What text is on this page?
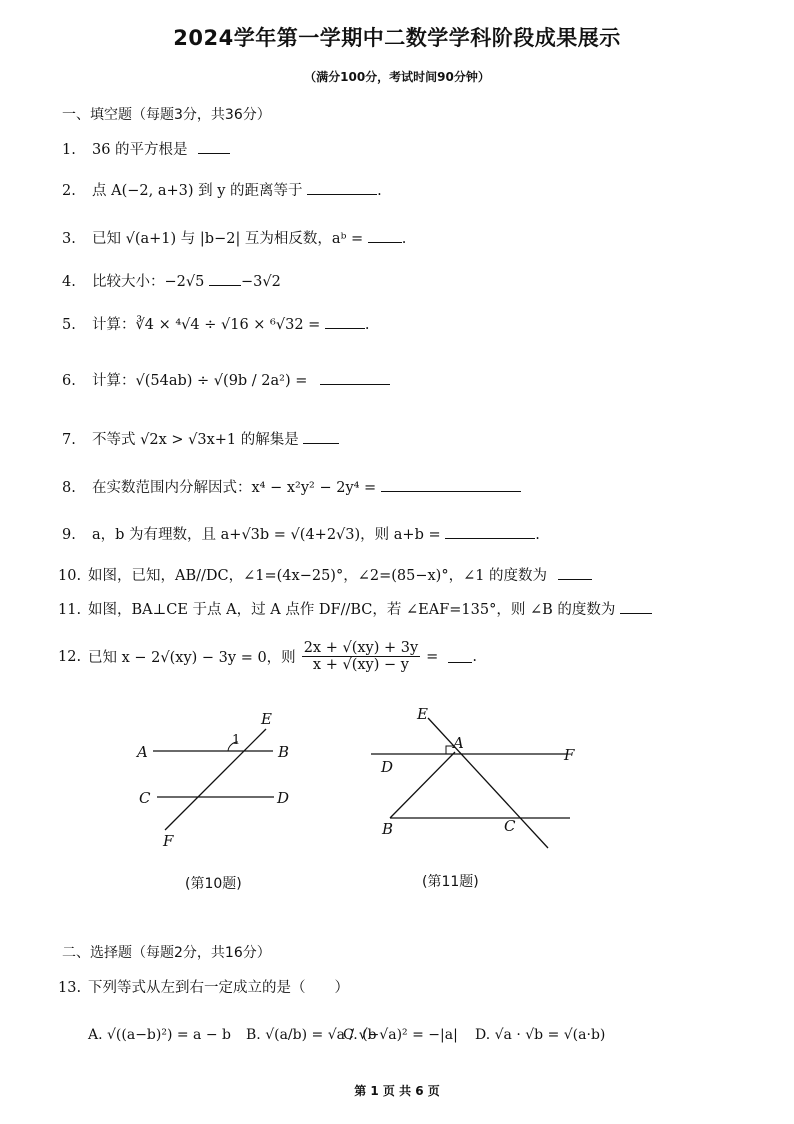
2024学年第一学期中二数学学科阶段成果展示
（满分100分，考试时间90分钟）
一、填空题（每题3分，共36分）
1. 36 的平方根是
2. 点 A(−2, a+3) 到 y 的距离等于	.
3. 已知 √(a+1) 与 |b−2| 互为相反数，aᵇ =	.
4. 比较大小：−2√5	−3√2
5. 计算：∛4 × ⁴√4 ÷ √16 × ⁶√32 =	.
6. 计算：√(54ab) ÷ √(9b / 2a²) =
7. 不等式 √2x > √3x+1 的解集是
8. 在实数范围内分解因式：x⁴ − x²y² − 2y⁴ =
9. a，b 为有理数，且 a+√3b = √(4+2√3)，则 a+b =	.
10. 如图，已知，AB//DC，∠1=(4x−25)°，∠2=(85−x)°，∠1 的度数为
11. 如图，BA⊥CE 于点 A，过 A 点作 DF//BC，若 ∠EAF=135°，则 ∠B 的度数为
12. 已知 x − 2√(xy) − 3y = 0，则 $\frac{2x + √(xy) + 3y}{x + √(xy) - y}$ = .
A	B
C	D
E
F
1
(第10题)
E
A
F
D
B	C
(第11题)
二、选择题（每题2分，共16分）
13. 下列等式从左到右一定成立的是（　　）
A. √((a−b)²) = a − b B. √(a/b) = √a / √b
C. (−√a)² = −|a| D. √a · √b = √(a·b)
第 1 页 共 6 页
